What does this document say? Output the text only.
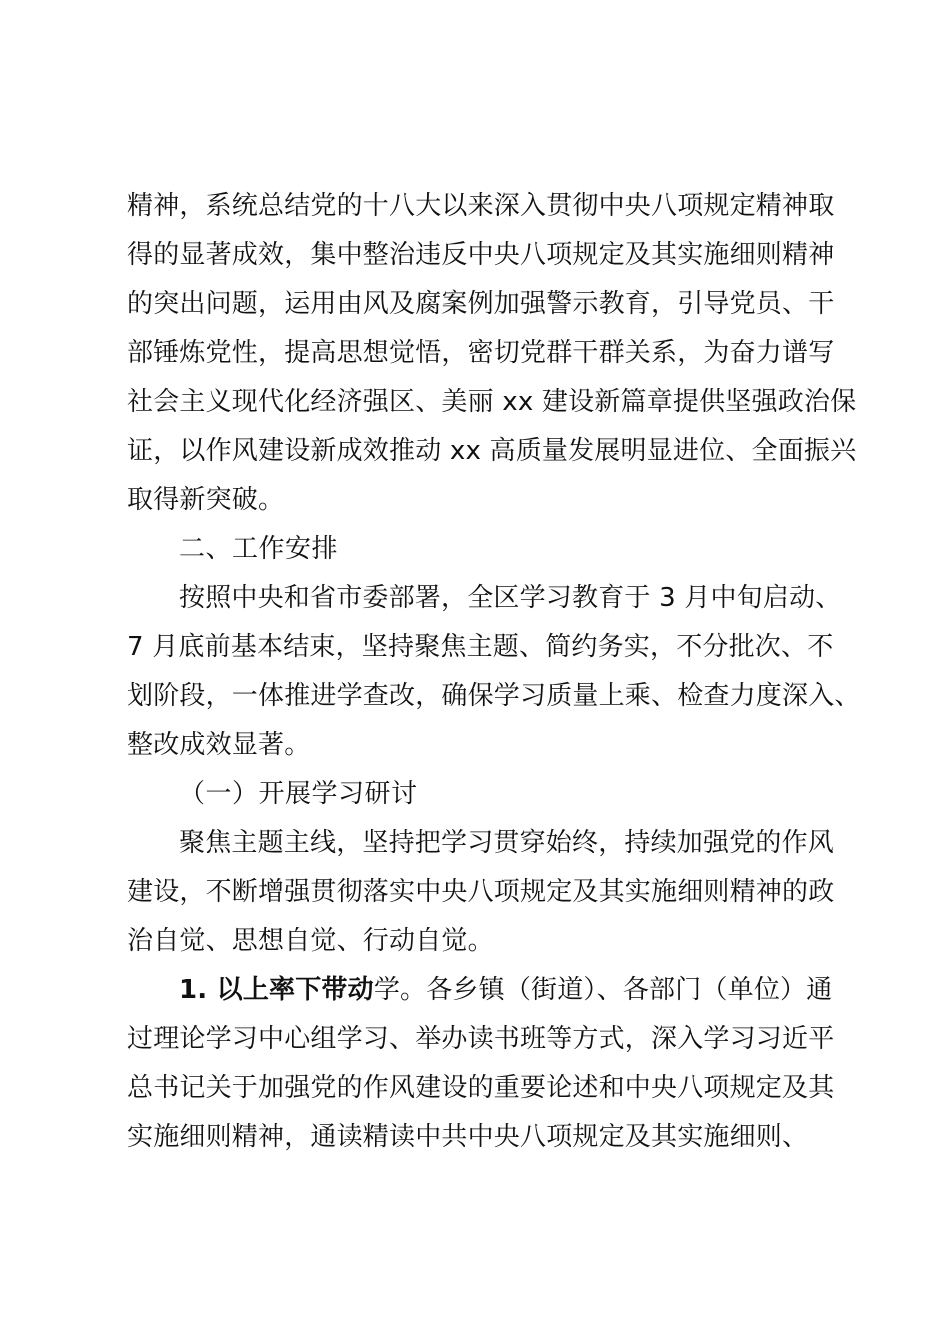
精神，系统总结党的十八大以来深入贯彻中央八项规定精神取
得的显著成效，集中整治违反中央八项规定及其实施细则精神
的突出问题，运用由风及腐案例加强警示教育，引导党员、干
部锤炼党性，提高思想觉悟，密切党群干群关系，为奋力谱写
社会主义现代化经济强区、美丽 xx 建设新篇章提供坚强政治保
证，以作风建设新成效推动 xx 高质量发展明显进位、全面振兴
取得新突破。
二、工作安排
按照中央和省市委部署，全区学习教育于 3 月中旬启动、
7 月底前基本结束，坚持聚焦主题、简约务实，不分批次、不
划阶段，一体推进学查改，确保学习质量上乘、检查力度深入、
整改成效显著。
（一）开展学习研讨
聚焦主题主线，坚持把学习贯穿始终，持续加强党的作风
建设，不断增强贯彻落实中央八项规定及其实施细则精神的政
治自觉、思想自觉、行动自觉。
1. 以上率下带动学。各乡镇（街道）、各部门（单位）通
过理论学习中心组学习、举办读书班等方式，深入学习习近平
总书记关于加强党的作风建设的重要论述和中央八项规定及其
实施细则精神，通读精读中共中央八项规定及其实施细则、
